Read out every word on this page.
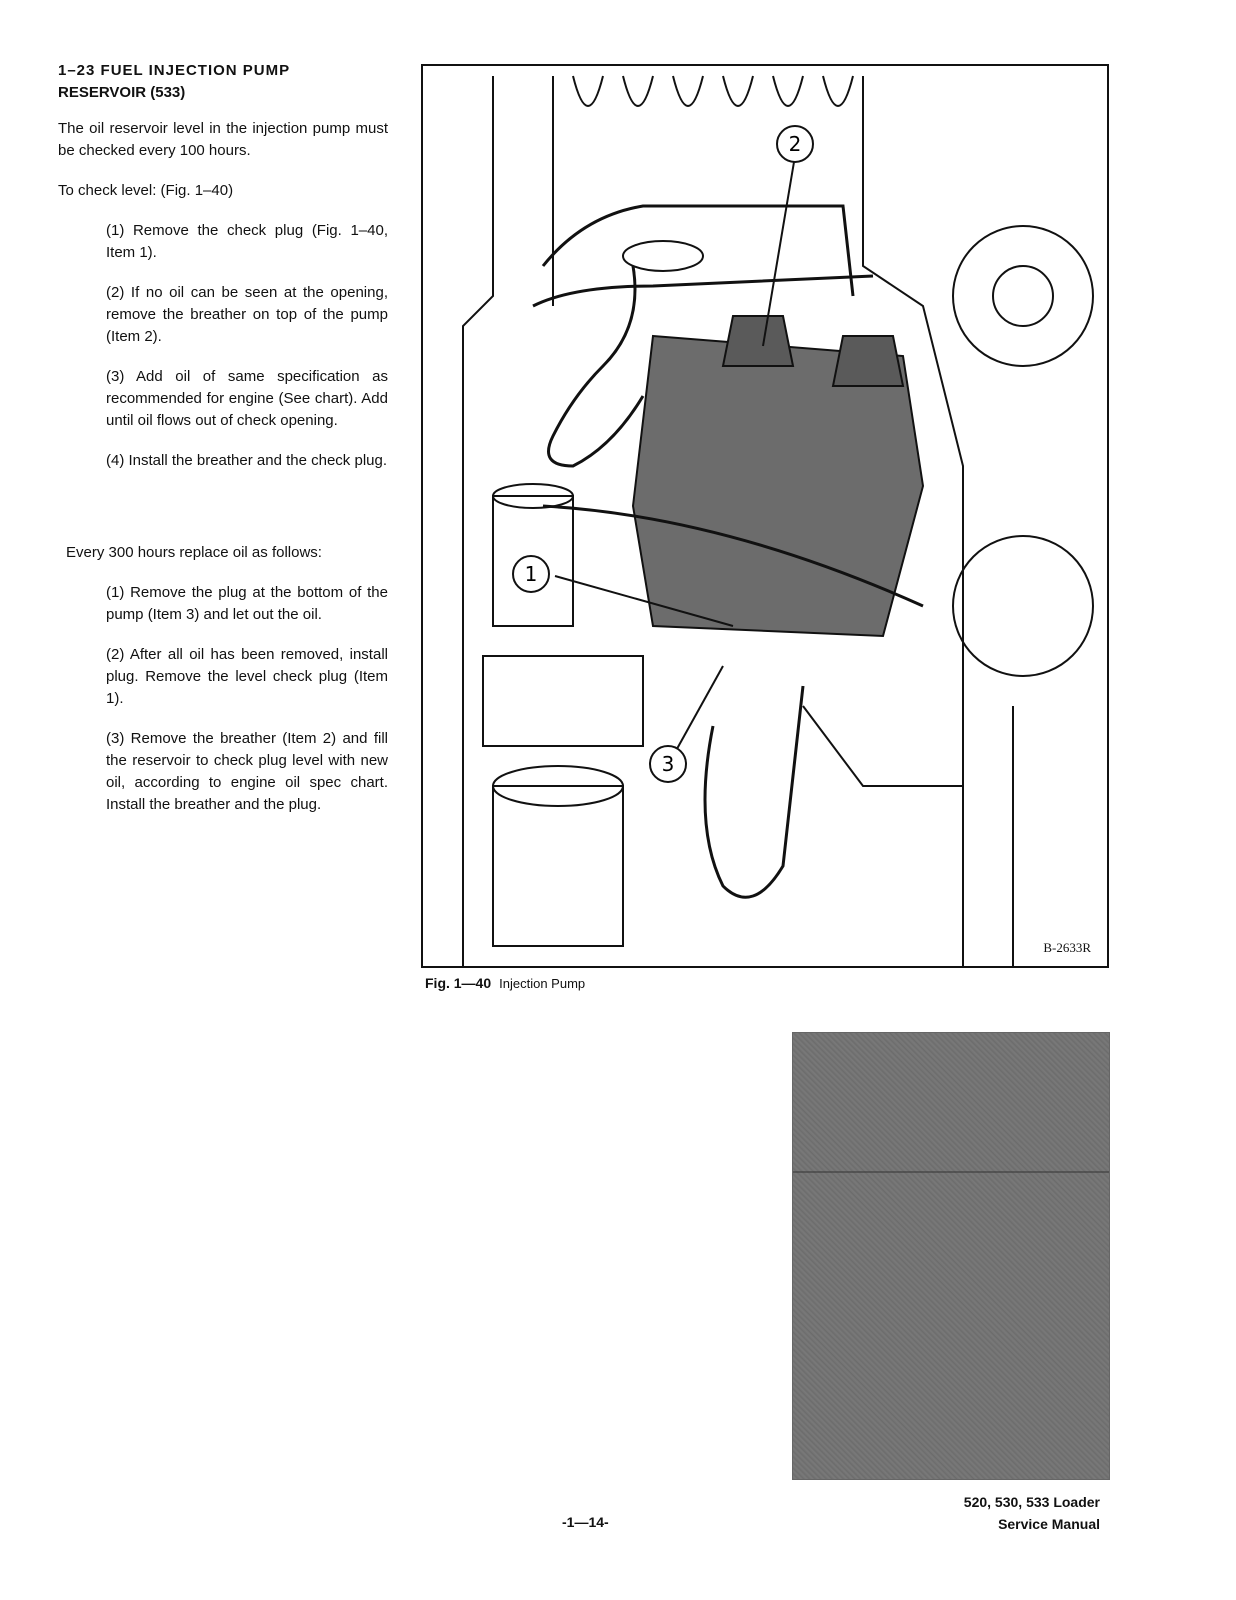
1–23 FUEL INJECTION PUMP
RESERVOIR (533)

The oil reservoir level in the injection pump must be checked every 100 hours.

To check level: (Fig. 1–40)

(1) Remove the check plug (Fig. 1–40, Item 1).

(2) If no oil can be seen at the opening, remove the breather on top of the pump (Item 2).

(3) Add oil of same specification as recommended for engine (See chart). Add until oil flows out of check opening.

(4) Install the breather and the check plug.

Every 300 hours replace oil as follows:

(1) Remove the plug at the bottom of the pump (Item 3) and let out the oil.

(2) After all oil has been removed, install plug. Remove the level check plug (Item 1).

(3) Remove the breather (Item 2) and fill the reservoir to check plug level with new oil, according to engine oil spec chart. Install the breather and the plug.

1
2
3
B-2633R
Fig. 1—40 Injection Pump
-1—14-
520, 530, 533 Loader
Service Manual
